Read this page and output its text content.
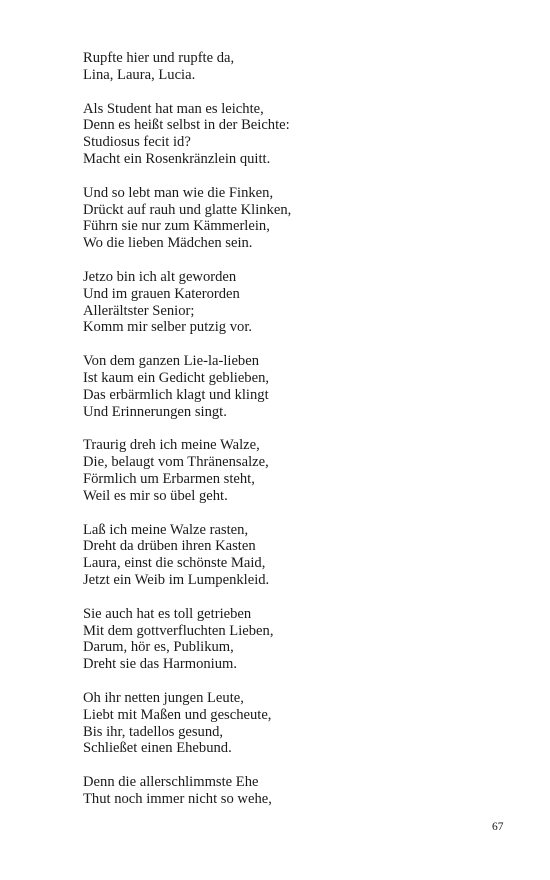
Rupfte hier und rupfte da,
Lina, Laura, Lucia.
Als Student hat man es leichte,
Denn es heißt selbst in der Beichte:
Studiosus fecit id?
Macht ein Rosenkränzlein quitt.
Und so lebt man wie die Finken,
Drückt auf rauh und glatte Klinken,
Führn sie nur zum Kämmerlein,
Wo die lieben Mädchen sein.
Jetzo bin ich alt geworden
Und im grauen Katerorden
Allerältster Senior;
Komm mir selber putzig vor.
Von dem ganzen Lie-la-lieben
Ist kaum ein Gedicht geblieben,
Das erbärmlich klagt und klingt
Und Erinnerungen singt.
Traurig dreh ich meine Walze,
Die, belaugt vom Thränensalze,
Förmlich um Erbarmen steht,
Weil es mir so übel geht.
Laß ich meine Walze rasten,
Dreht da drüben ihren Kasten
Laura, einst die schönste Maid,
Jetzt ein Weib im Lumpenkleid.
Sie auch hat es toll getrieben
Mit dem gottverfluchten Lieben,
Darum, hör es, Publikum,
Dreht sie das Harmonium.
Oh ihr netten jungen Leute,
Liebt mit Maßen und gescheute,
Bis ihr, tadellos gesund,
Schließet einen Ehebund.
Denn die allerschlimmste Ehe
Thut noch immer nicht so wehe,
67
